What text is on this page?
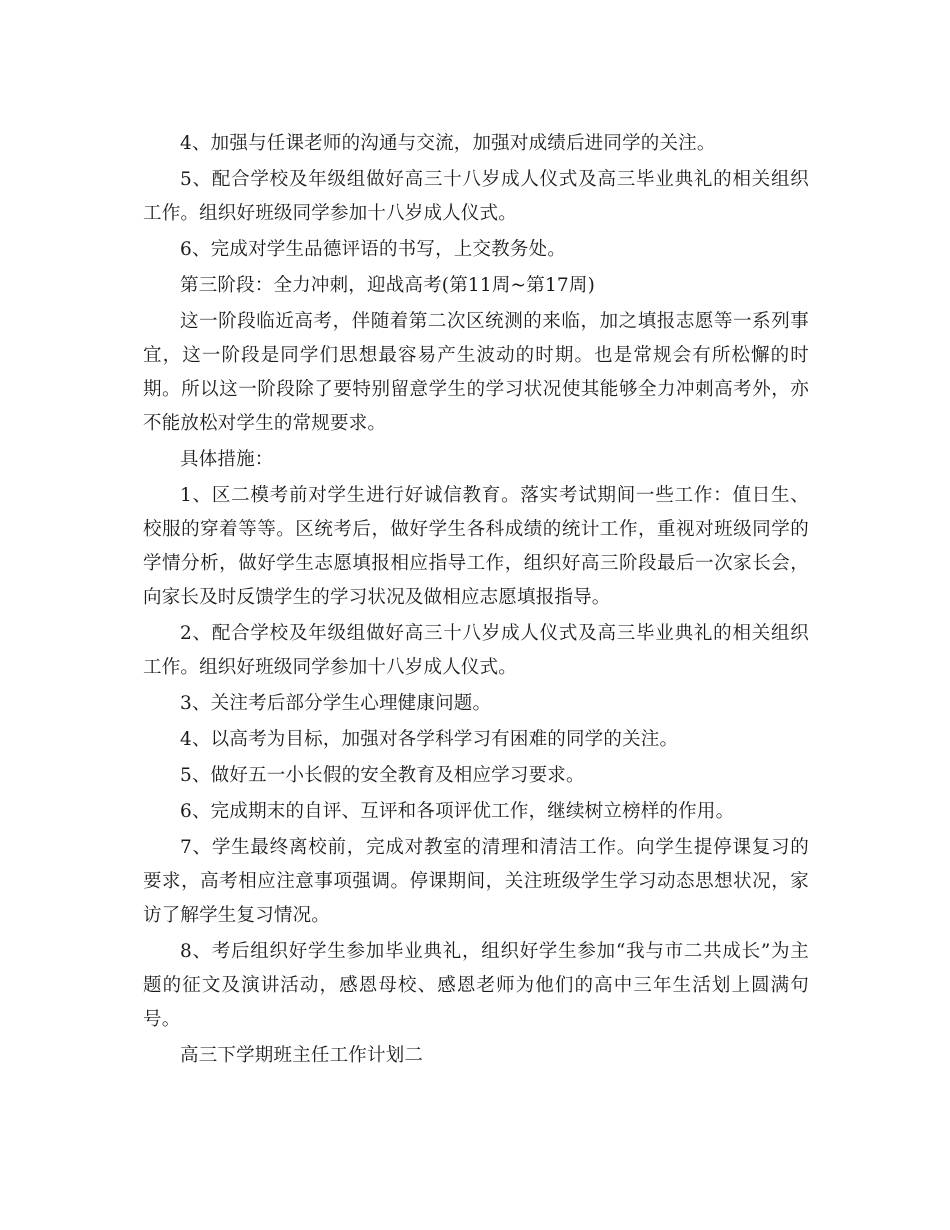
4、加强与任课老师的沟通与交流，加强对成绩后进同学的关注。

5、配合学校及年级组做好高三十八岁成人仪式及高三毕业典礼的相关组织工作。组织好班级同学参加十八岁成人仪式。

6、完成对学生品德评语的书写，上交教务处。

第三阶段：全力冲刺，迎战高考(第11周~第17周)

这一阶段临近高考，伴随着第二次区统测的来临，加之填报志愿等一系列事宜，这一阶段是同学们思想最容易产生波动的时期。也是常规会有所松懈的时期。所以这一阶段除了要特别留意学生的学习状况使其能够全力冲刺高考外，亦不能放松对学生的常规要求。

具体措施：

1、区二模考前对学生进行好诚信教育。落实考试期间一些工作：值日生、校服的穿着等等。区统考后，做好学生各科成绩的统计工作，重视对班级同学的学情分析，做好学生志愿填报相应指导工作，组织好高三阶段最后一次家长会，向家长及时反馈学生的学习状况及做相应志愿填报指导。

2、配合学校及年级组做好高三十八岁成人仪式及高三毕业典礼的相关组织工作。组织好班级同学参加十八岁成人仪式。

3、关注考后部分学生心理健康问题。

4、以高考为目标，加强对各学科学习有困难的同学的关注。

5、做好五一小长假的安全教育及相应学习要求。

6、完成期末的自评、互评和各项评优工作，继续树立榜样的作用。

7、学生最终离校前，完成对教室的清理和清洁工作。向学生提停课复习的要求，高考相应注意事项强调。停课期间，关注班级学生学习动态思想状况，家访了解学生复习情况。

8、考后组织好学生参加毕业典礼，组织好学生参加“我与市二共成长”为主题的征文及演讲活动，感恩母校、感恩老师为他们的高中三年生活划上圆满句号。

高三下学期班主任工作计划二
